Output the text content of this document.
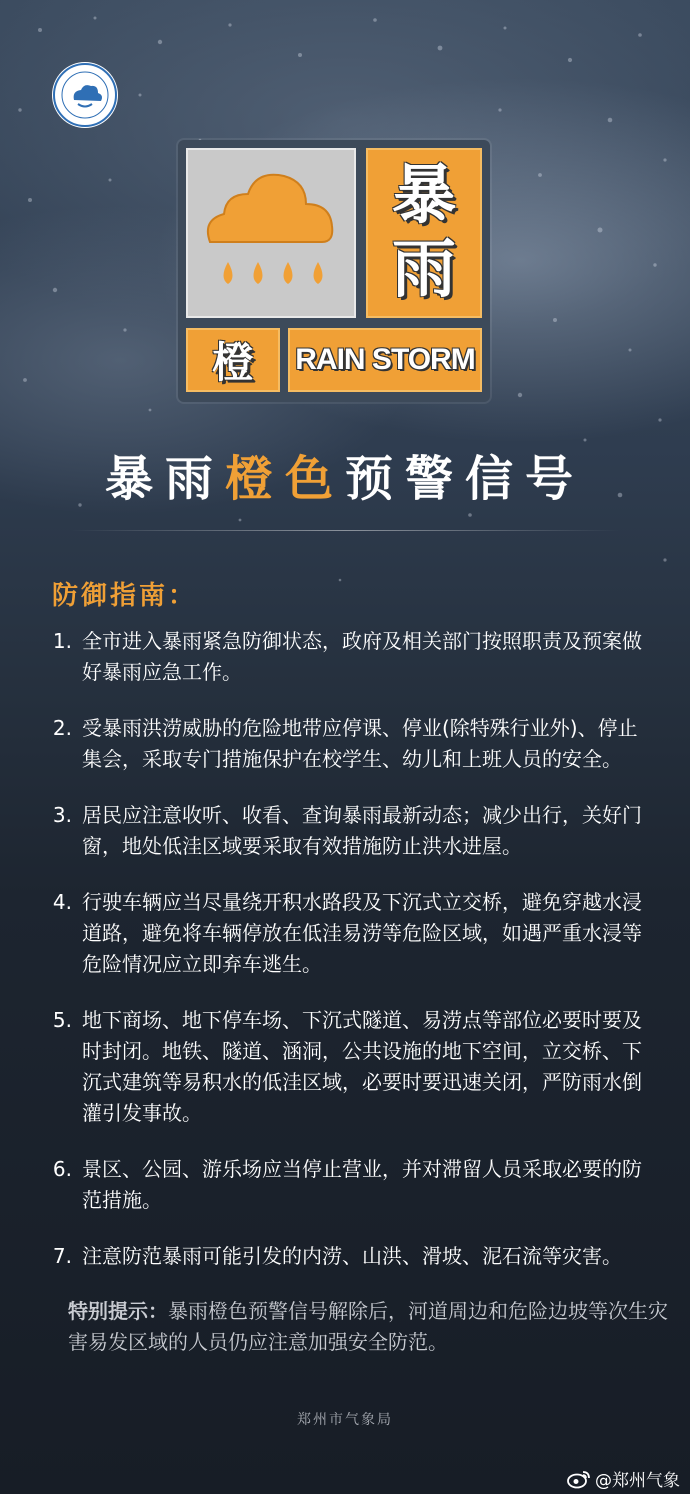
暴
雨
橙 RAIN STORM
暴雨橙色预警信号
防御指南：
1. 全市进入暴雨紧急防御状态，政府及相关部门按照职责及预案做好暴雨应急工作。
2. 受暴雨洪涝威胁的危险地带应停课、停业(除特殊行业外)、停止集会，采取专门措施保护在校学生、幼儿和上班人员的安全。
3. 居民应注意收听、收看、查询暴雨最新动态；减少出行，关好门窗，地处低洼区域要采取有效措施防止洪水进屋。
4. 行驶车辆应当尽量绕开积水路段及下沉式立交桥，避免穿越水浸道路，避免将车辆停放在低洼易涝等危险区域，如遇严重水浸等危险情况应立即弃车逃生。
5. 地下商场、地下停车场、下沉式隧道、易涝点等部位必要时要及时封闭。地铁、隧道、涵洞，公共设施的地下空间，立交桥、下沉式建筑等易积水的低洼区域，必要时要迅速关闭，严防雨水倒灌引发事故。
6. 景区、公园、游乐场应当停止营业，并对滞留人员采取必要的防范措施。
7. 注意防范暴雨可能引发的内涝、山洪、滑坡、泥石流等灾害。
特别提示：暴雨橙色预警信号解除后，河道周边和危险边坡等次生灾害易发区域的人员仍应注意加强安全防范。
郑州市气象局
@郑州气象
